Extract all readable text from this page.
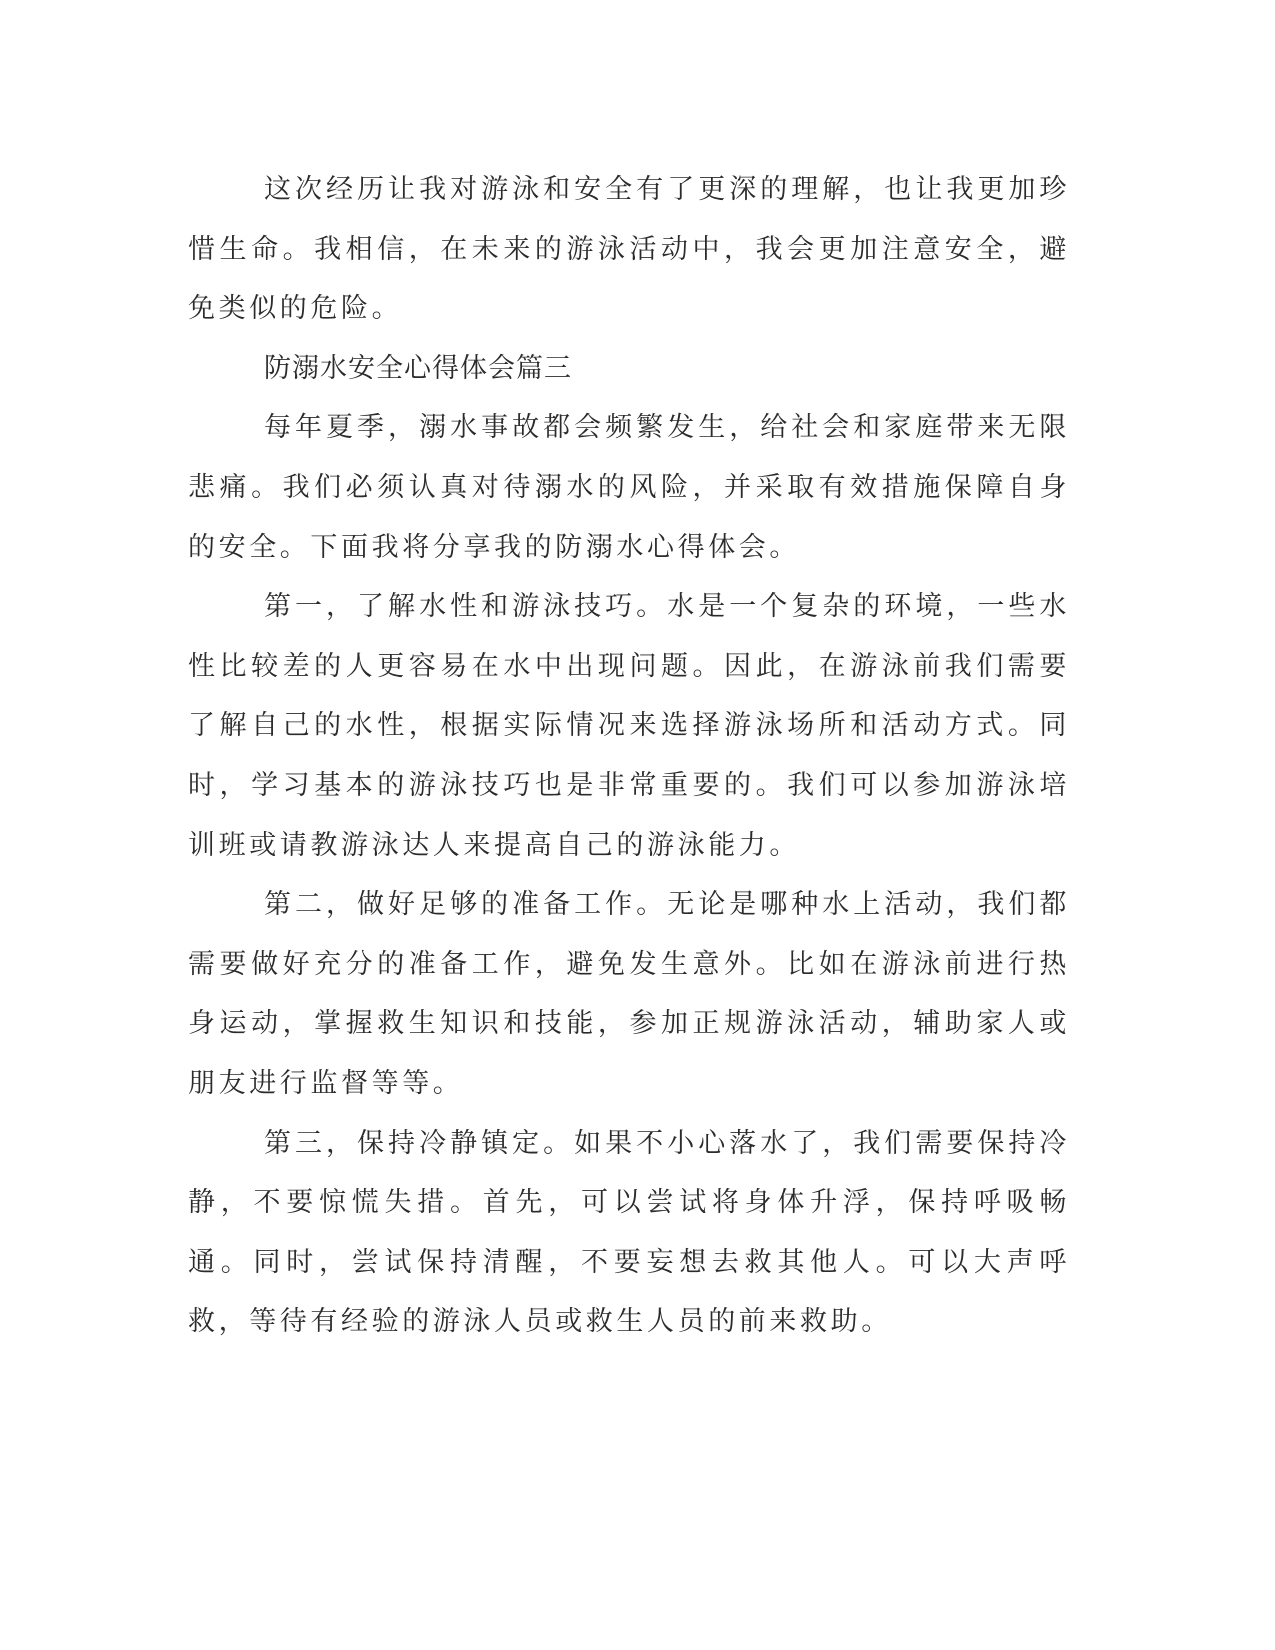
这次经历让我对游泳和安全有了更深的理解，也让我更加珍惜生命。我相信，在未来的游泳活动中，我会更加注意安全，避免类似的危险。

防溺水安全心得体会篇三

每年夏季，溺水事故都会频繁发生，给社会和家庭带来无限悲痛。我们必须认真对待溺水的风险，并采取有效措施保障自身的安全。下面我将分享我的防溺水心得体会。

第一，了解水性和游泳技巧。水是一个复杂的环境，一些水性比较差的人更容易在水中出现问题。因此，在游泳前我们需要了解自己的水性，根据实际情况来选择游泳场所和活动方式。同时，学习基本的游泳技巧也是非常重要的。我们可以参加游泳培训班或请教游泳达人来提高自己的游泳能力。

第二，做好足够的准备工作。无论是哪种水上活动，我们都需要做好充分的准备工作，避免发生意外。比如在游泳前进行热身运动，掌握救生知识和技能，参加正规游泳活动，辅助家人或朋友进行监督等等。

第三，保持冷静镇定。如果不小心落水了，我们需要保持冷静，不要惊慌失措。首先，可以尝试将身体升浮，保持呼吸畅通。同时，尝试保持清醒，不要妄想去救其他人。可以大声呼救，等待有经验的游泳人员或救生人员的前来救助。
